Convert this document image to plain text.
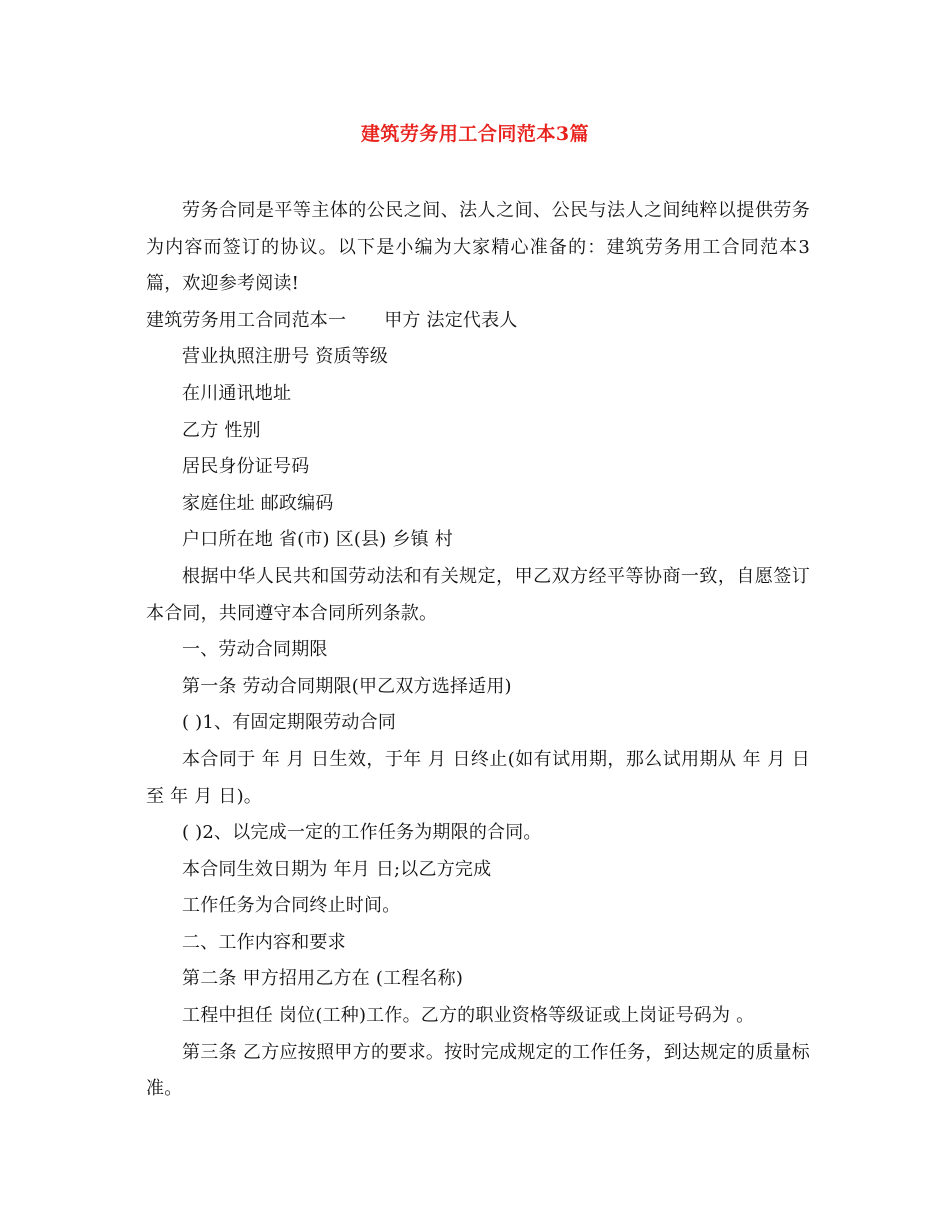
建筑劳务用工合同范本3篇

劳务合同是平等主体的公民之间、法人之间、公民与法人之间纯粹以提供劳务为内容而签订的协议。以下是小编为大家精心准备的：建筑劳务用工合同范本3篇，欢迎参考阅读!

建筑劳务用工合同范本一 甲方 法定代表人

营业执照注册号 资质等级

在川通讯地址

乙方 性别

居民身份证号码

家庭住址 邮政编码

户口所在地 省(市) 区(县) 乡镇 村

根据中华人民共和国劳动法和有关规定，甲乙双方经平等协商一致，自愿签订本合同，共同遵守本合同所列条款。

一、劳动合同期限

第一条 劳动合同期限(甲乙双方选择适用)

( )1、有固定期限劳动合同

本合同于 年 月 日生效，于年 月 日终止(如有试用期，那么试用期从 年 月 日至 年 月 日)。

( )2、以完成一定的工作任务为期限的合同。

本合同生效日期为 年月 日;以乙方完成

工作任务为合同终止时间。

二、工作内容和要求

第二条 甲方招用乙方在 (工程名称)

工程中担任 岗位(工种)工作。乙方的职业资格等级证或上岗证号码为 。

第三条 乙方应按照甲方的要求。按时完成规定的工作任务，到达规定的质量标准。
